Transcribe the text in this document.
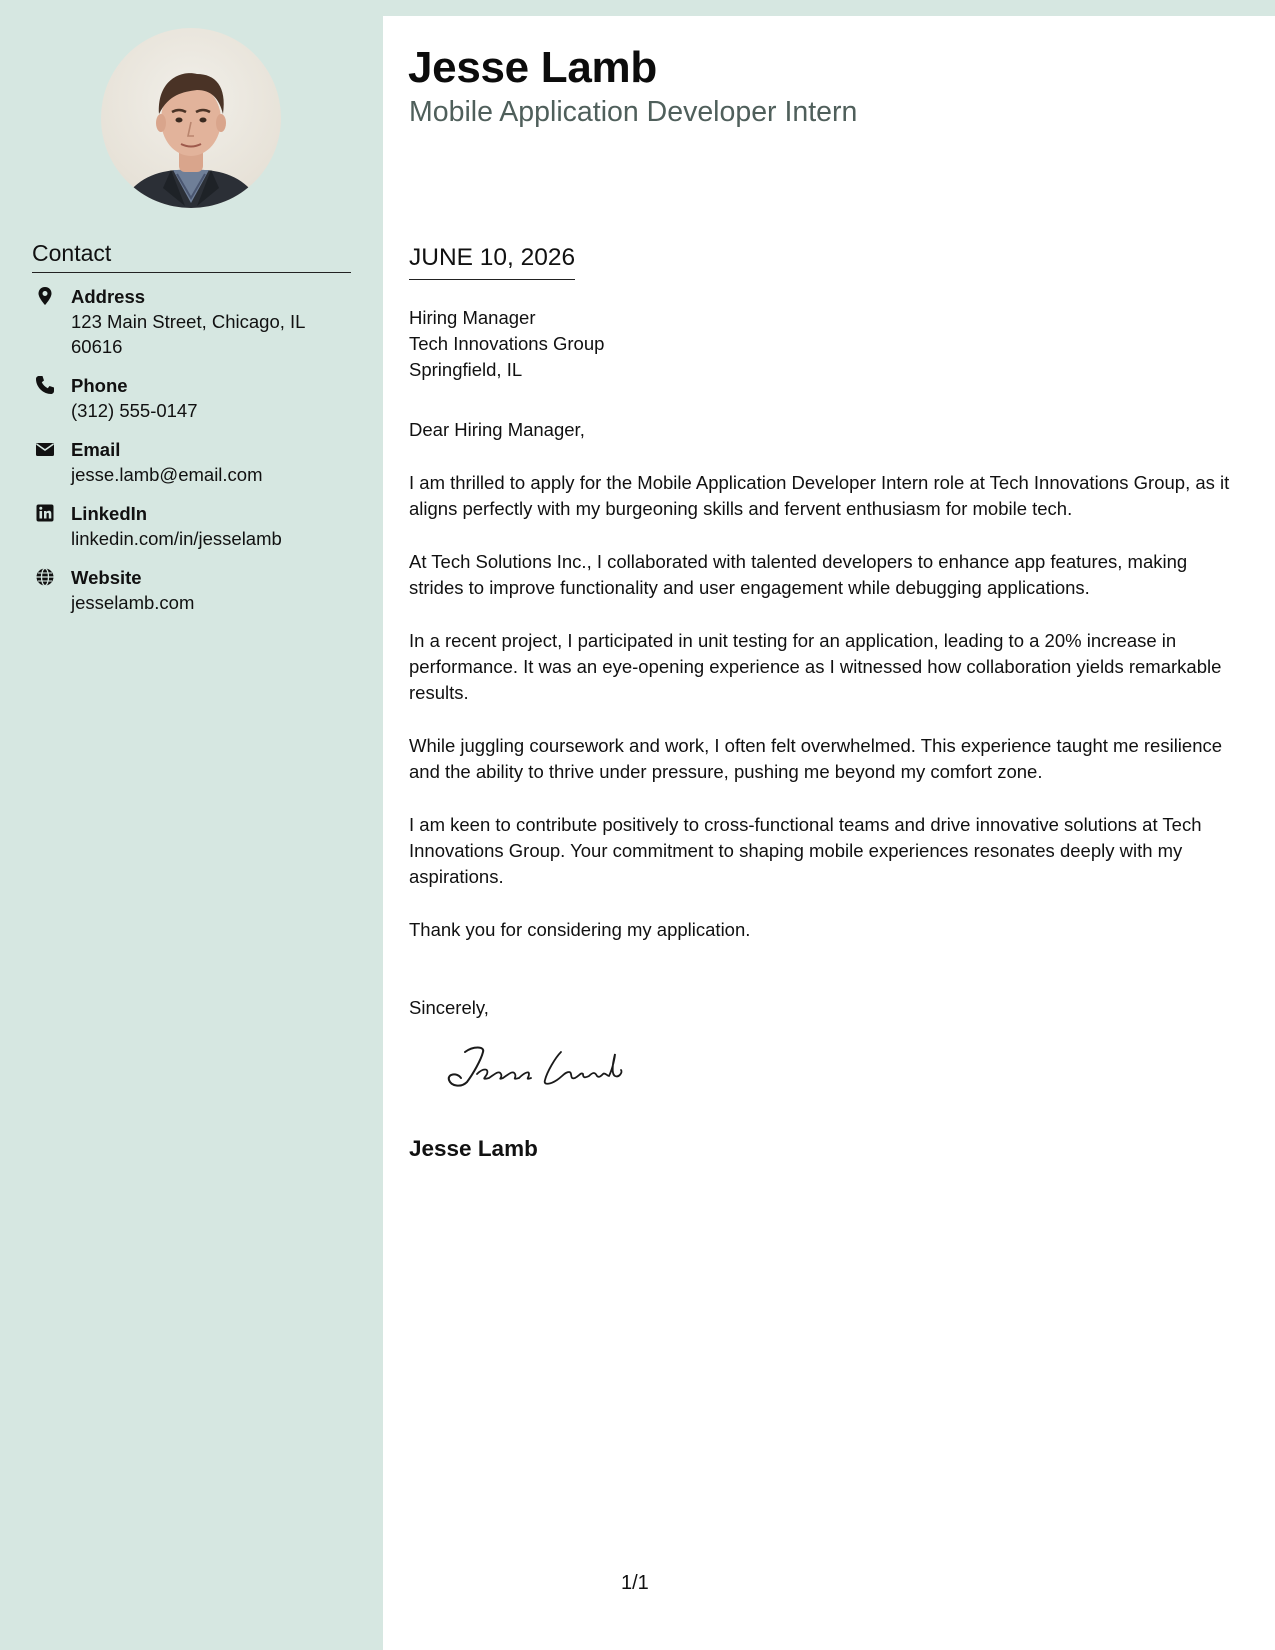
Contact
Address
123 Main Street, Chicago, IL 60616
Phone
(312) 555-0147
Email
jesse.lamb@email.com
LinkedIn
linkedin.com/in/jesselamb
Website
jesselamb.com
Jesse Lamb
Mobile Application Developer Intern
JUNE 10, 2026
Hiring Manager
Tech Innovations Group
Springfield, IL

Dear Hiring Manager,

I am thrilled to apply for the Mobile Application Developer Intern role at Tech Innovations Group, as it aligns perfectly with my burgeoning skills and fervent enthusiasm for mobile tech.

At Tech Solutions Inc., I collaborated with talented developers to enhance app features, making strides to improve functionality and user engagement while debugging applications.

In a recent project, I participated in unit testing for an application, leading to a 20% increase in performance. It was an eye-opening experience as I witnessed how collaboration yields remarkable results.

While juggling coursework and work, I often felt overwhelmed. This experience taught me resilience and the ability to thrive under pressure, pushing me beyond my comfort zone.

I am keen to contribute positively to cross-functional teams and drive innovative solutions at Tech Innovations Group. Your commitment to shaping mobile experiences resonates deeply with my aspirations.

Thank you for considering my application.

Sincerely,
Jesse Lamb
1/1
